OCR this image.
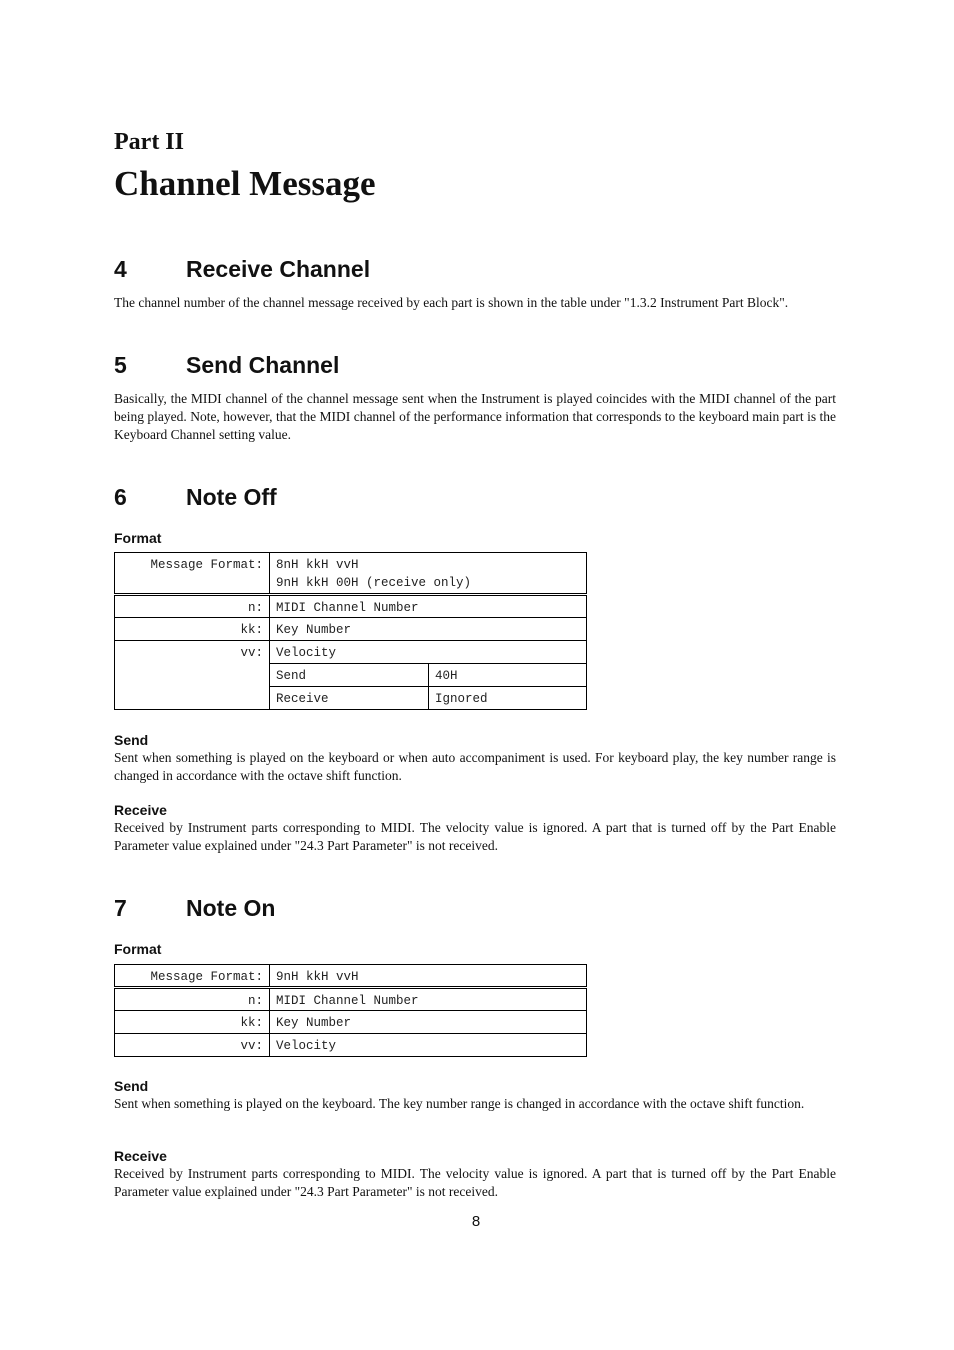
Part II
Channel Message
4	Receive Channel
The channel number of the channel message received by each part is shown in the table under "1.3.2 Instrument Part Block".
5	Send Channel
Basically, the MIDI channel of the channel message sent when the Instrument is played coincides with the MIDI channel of the part being played. Note, however, that the MIDI channel of the performance information that corresponds to the keyboard main part is the Keyboard Channel setting value.
6	Note Off
Format
Message Format:	8nH kkH vvH
9nH kkH 00H (receive only)	

n:	MIDI Channel Number	
kk:	Key Number	
vv:	Velocity	
	Send	40H
	Receive	Ignored
Send
Sent when something is played on the keyboard or when auto accompaniment is used. For keyboard play, the key number range is changed in accordance with the octave shift function.
Receive
Received by Instrument parts corresponding to MIDI. The velocity value is ignored. A part that is turned off by the Part Enable Parameter value explained under "24.3 Part Parameter" is not received.
7	Note On
Format
Message Format:	9nH kkH vvH
n:	MIDI Channel Number
kk:	Key Number
vv:	Velocity
Send
Sent when something is played on the keyboard. The key number range is changed in accordance with the octave shift function.
Receive
Received by Instrument parts corresponding to MIDI. The velocity value is ignored. A part that is turned off by the Part Enable Parameter value explained under "24.3 Part Parameter" is not received.
8
